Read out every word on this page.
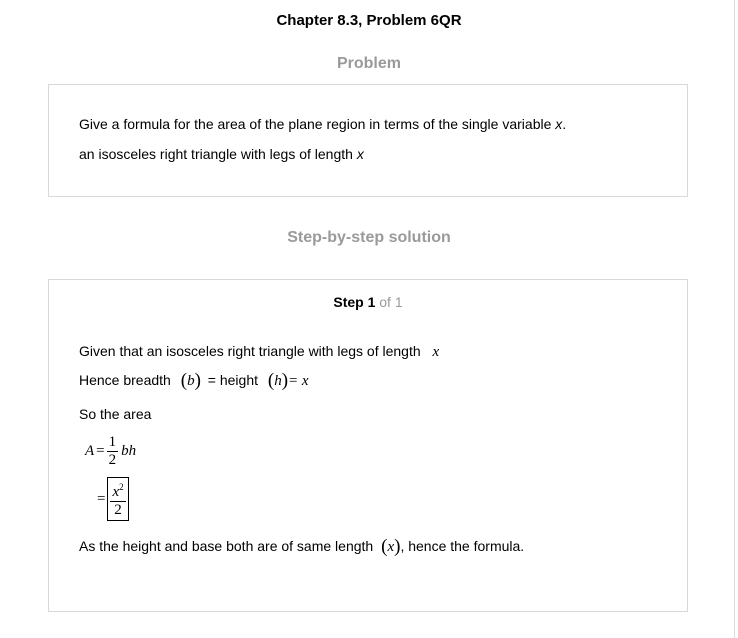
Chapter 8.3, Problem 6QR
Problem
Give a formula for the area of the plane region in terms of the single variable x.
an isosceles right triangle with legs of length x
Step-by-step solution
Step 1 of 1
Given that an isosceles right triangle with legs of length x
Hence breadth (b) = height (h)= x
So the area
$A = \frac{1}{2}$ bh
= $\frac{x^2}{2}$
As the height and base both are of same length (x), hence the formula.
